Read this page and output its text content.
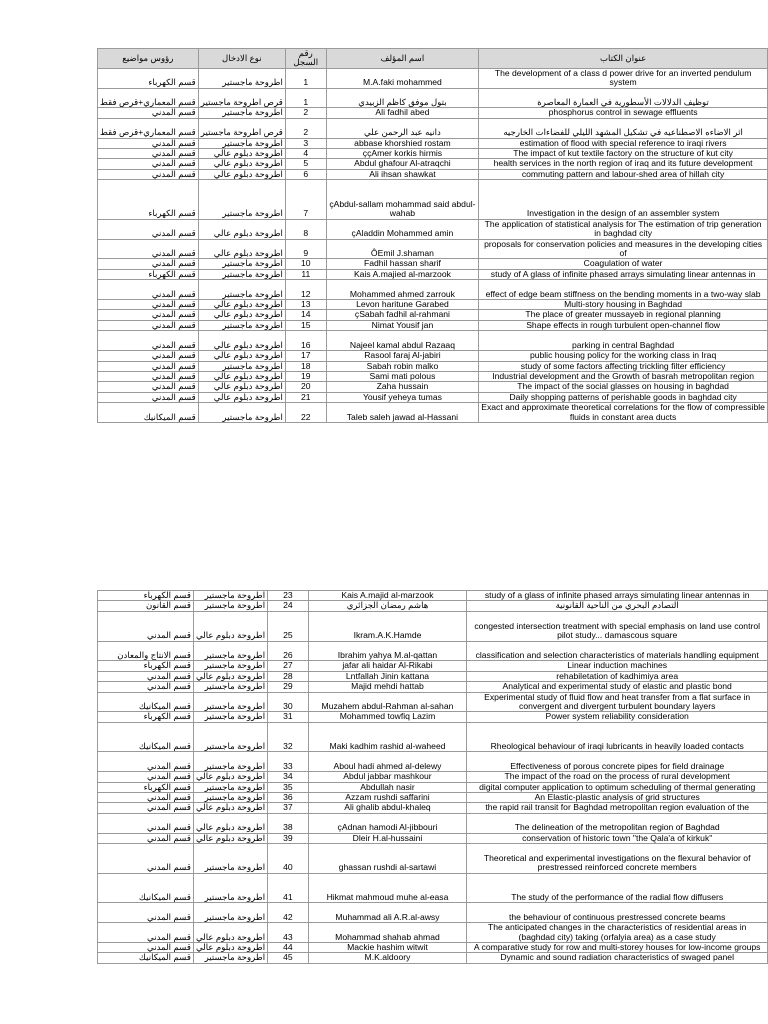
رؤوس مواضيع	نوع الادخال	رقم السجل	اسم المؤلف	عنوان الكتاب
قسم الكهرباء	اطروحة ماجستير	1	M.A.faki mohammed	The development of a class d power drive for an inverted pendulum system
قسم المعماري+قرص فقط	قرص اطروحة ماجستير	1	بتول موفق كاظم الزبيدي	توظيف الدلالات الأسطورية في العمارة المعاصرة
قسم المدني	اطروحة ماجستير	2	Ali fadhil abed	phosphorus control in sewage effluents
قسم المعماري+قرص فقط	قرص اطروحة ماجستير	2	دانيه عبد الرحمن علي	اثر الاضاءه الاصطناعيه في تشكيل المشهد الليلي للفضاءات الخارجيه
قسم المدني	اطروحة ماجستير	3	abbase khorshied rostam	estimation of flood with special reference to iraqi rivers
قسم المدني	اطروحة دبلوم عالي	4	ççAmer korkis hirmis	The impact of kut textile factory on the structure of kut city
قسم المدني	اطروحة دبلوم عالي	5	Abdul ghafour Al-atraqchi	health services in the north region of iraq and its future development
قسم المدني	اطروحة دبلوم عالي	6	Ali ihsan shawkat	commuting pattern and labour-shed area of hillah city
قسم الكهرباء	اطروحة ماجستير	7	çAbdul-sallam mohammad said abdul-wahab	Investigation in the design of an assembler system
قسم المدني	اطروحة دبلوم عالي	8	çAladdin Mohammed amin	The application of statistical analysis for The estimation of trip generation in baghdad city
قسم المدني	اطروحة دبلوم عالي	9	ÔEmil J.shaman	proposals for conservation policies and measures in the developing cities of
قسم المدني	اطروحة ماجستير	10	Fadhil hassan sharif	Coagulation of water
قسم الكهرباء	اطروحة ماجستير	11	Kais A.majied al-marzook	study of A glass of infinite phased arrays simulating linear antennas in
قسم المدني	اطروحة ماجستير	12	Mohammed ahmed zarrouk	effect of edge beam stiffness on the bending moments in a two-way slab
قسم المدني	اطروحة دبلوم عالي	13	Levon haritune Garabed	Multi-story housing in Baghdad
قسم المدني	اطروحة دبلوم عالي	14	çSabah fadhil al-rahmani	The place of greater mussayeb in regional planning
قسم المدني	اطروحة ماجستير	15	Nimat Yousif jan	Shape effects in rough turbulent open-channel flow
قسم المدني	اطروحة دبلوم عالي	16	Najeel kamal abdul Razaaq	parking in central Baghdad
قسم المدني	اطروحة دبلوم عالي	17	Rasool faraj Al-jabiri	public housing policy for the working class in Iraq
قسم المدني	اطروحة ماجستير	18	Sabah robin malko	study of some factors affecting trickling filter efficiency
قسم المدني	اطروحة دبلوم عالي	19	Sami mati polous	Industrial development and the Growth of basrah metropolitan region
قسم المدني	اطروحة دبلوم عالي	20	Zaha hussain	The impact of the social glasses on housing in baghdad
قسم المدني	اطروحة دبلوم عالي	21	Yousif yeheya tumas	Daily shopping patterns of perishable goods in baghdad city
قسم الميكانيك	اطروحة ماجستير	22	Taleb saleh jawad al-Hassani	Exact and approximate theoretical correlations for the flow of compressible fluids in constant area ducts
قسم الكهرباء	اطروحة ماجستير	23	Kais A.majid al-marzook	study of a glass of infinite phased arrays simulating linear antennas in
قسم القانون	اطروحة ماجستير	24	هاشم رمضان الجزائري	التصادم البحري من الناحية القانونية
قسم المدني	اطروحة دبلوم عالي	25	Ikram.A.K.Hamde	congested intersection treatment with special emphasis on land use control pilot study... damascous square
قسم الانتاج والمعادن	اطروحة ماجستير	26	Ibrahim yahya M.al-qattan	classification and selection characteristics of materials handling equipment
قسم الكهرباء	اطروحة ماجستير	27	jafar ali haidar Al-Rikabi	Linear induction machines
قسم المدني	اطروحة دبلوم عالي	28	Lntfallah Jinin kattana	rehabiletation of kadhimiya area
قسم المدني	اطروحة ماجستير	29	Majid mehdi hattab	Analytical and experimental study of elastic and plastic bond
قسم الميكانيك	اطروحة ماجستير	30	Muzahem abdul-Rahman al-sahan	Experimental study of fluid flow and heat transfer from a flat surface in convergent and divergent turbulent boundary layers
قسم الكهرباء	اطروحة ماجستير	31	Mohammed towfiq Lazim	Power system reliability consideration
قسم الميكانيك	اطروحة ماجستير	32	Maki kadhim rashid al-waheed	Rheological behaviour of iraqi lubricants in heavily loaded contacts
قسم المدني	اطروحة ماجستير	33	Aboul hadi ahmed al-delewy	Effectiveness of porous concrete pipes for field drainage
قسم المدني	اطروحة دبلوم عالي	34	Abdul jabbar mashkour	The impact of the road on the process of rural development
قسم الكهرباء	اطروحة ماجستير	35	Abdullah nasir	digital computer application to optimum scheduling of thermal generating
قسم المدني	اطروحة ماجستير	36	Azzam rushdi saffarini	An Elastic-plastic analysis of grid structures
قسم المدني	اطروحة دبلوم عالي	37	Ali ghalib abdul-khaleq	the rapid rail transit for Baghdad metropolitan region evaluation of the
قسم المدني	اطروحة دبلوم عالي	38	çAdnan hamodi Al-jibbouri	The delineation of the metropolitan region of Baghdad
قسم المدني	اطروحة دبلوم عالي	39	Dleir H.al-hussaini	conservation of historic town "the Qala'a of kirkuk"
قسم المدني	اطروحة ماجستير	40	ghassan rushdi al-sartawi	Theoretical and experimental investigations on the flexural behavior of prestressed reinforced concrete members
قسم الميكانيك	اطروحة ماجستير	41	Hikmat mahmoud muhe al-easa	The study of the performance of the radial flow diffusers
قسم المدني	اطروحة ماجستير	42	Muhammad ali A.R.al-awsy	the behaviour of continuous prestressed concrete beams
قسم المدني	اطروحة دبلوم عالي	43	Mohammad shahab ahmad	The anticipated changes in the characteristics of residential areas in (baghdad city) taking (orfalyia area) as a case study
قسم المدني	اطروحة دبلوم عالي	44	Mackie hashim witwit	A comparative study for row and multi-storey houses for low-income groups
قسم الميكانيك	اطروحة ماجستير	45	M.K.aldoory	Dynamic and sound radiation characteristics of swaged panel
